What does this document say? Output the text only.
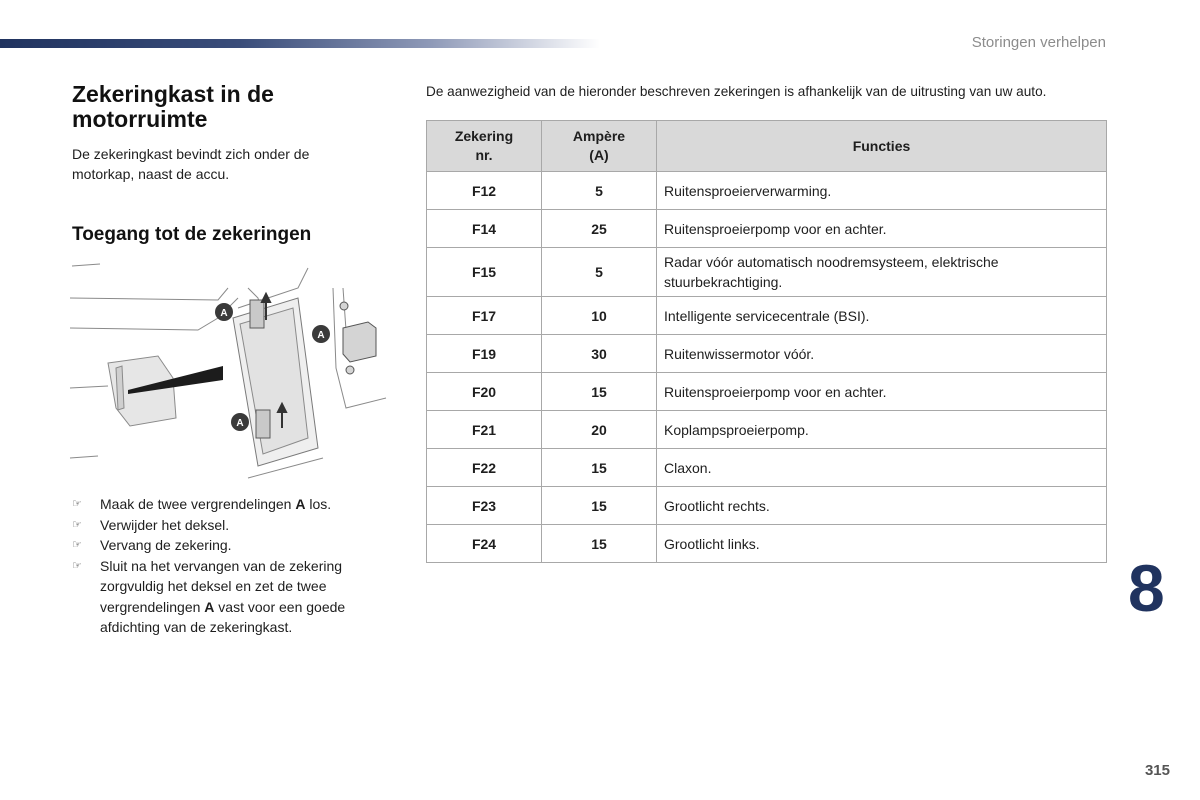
Storingen verhelpen
Zekeringkast in de motorruimte
De zekeringkast bevindt zich onder de motorkap, naast de accu.
Toegang tot de zekeringen
A
A
A
☞ Maak de twee vergrendelingen A los.
☞ Verwijder het deksel.
☞ Vervang de zekering.
☞ Sluit na het vervangen van de zekering zorgvuldig het deksel en zet de twee vergrendelingen A vast voor een goede afdichting van de zekeringkast.
De aanwezigheid van de hieronder beschreven zekeringen is afhankelijk van de uitrusting van uw auto.
Zekering nr.	Ampère (A)	Functies
F12	5	Ruitensproeierverwarming.
F14	25	Ruitensproeierpomp voor en achter.
F15	5	Radar vóór automatisch noodremsysteem, elektrische stuurbekrachtiging.
F17	10	Intelligente servicecentrale (BSI).
F19	30	Ruitenwissermotor vóór.
F20	15	Ruitensproeierpomp voor en achter.
F21	20	Koplampsproeierpomp.
F22	15	Claxon.
F23	15	Grootlicht rechts.
F24	15	Grootlicht links.
8
315
